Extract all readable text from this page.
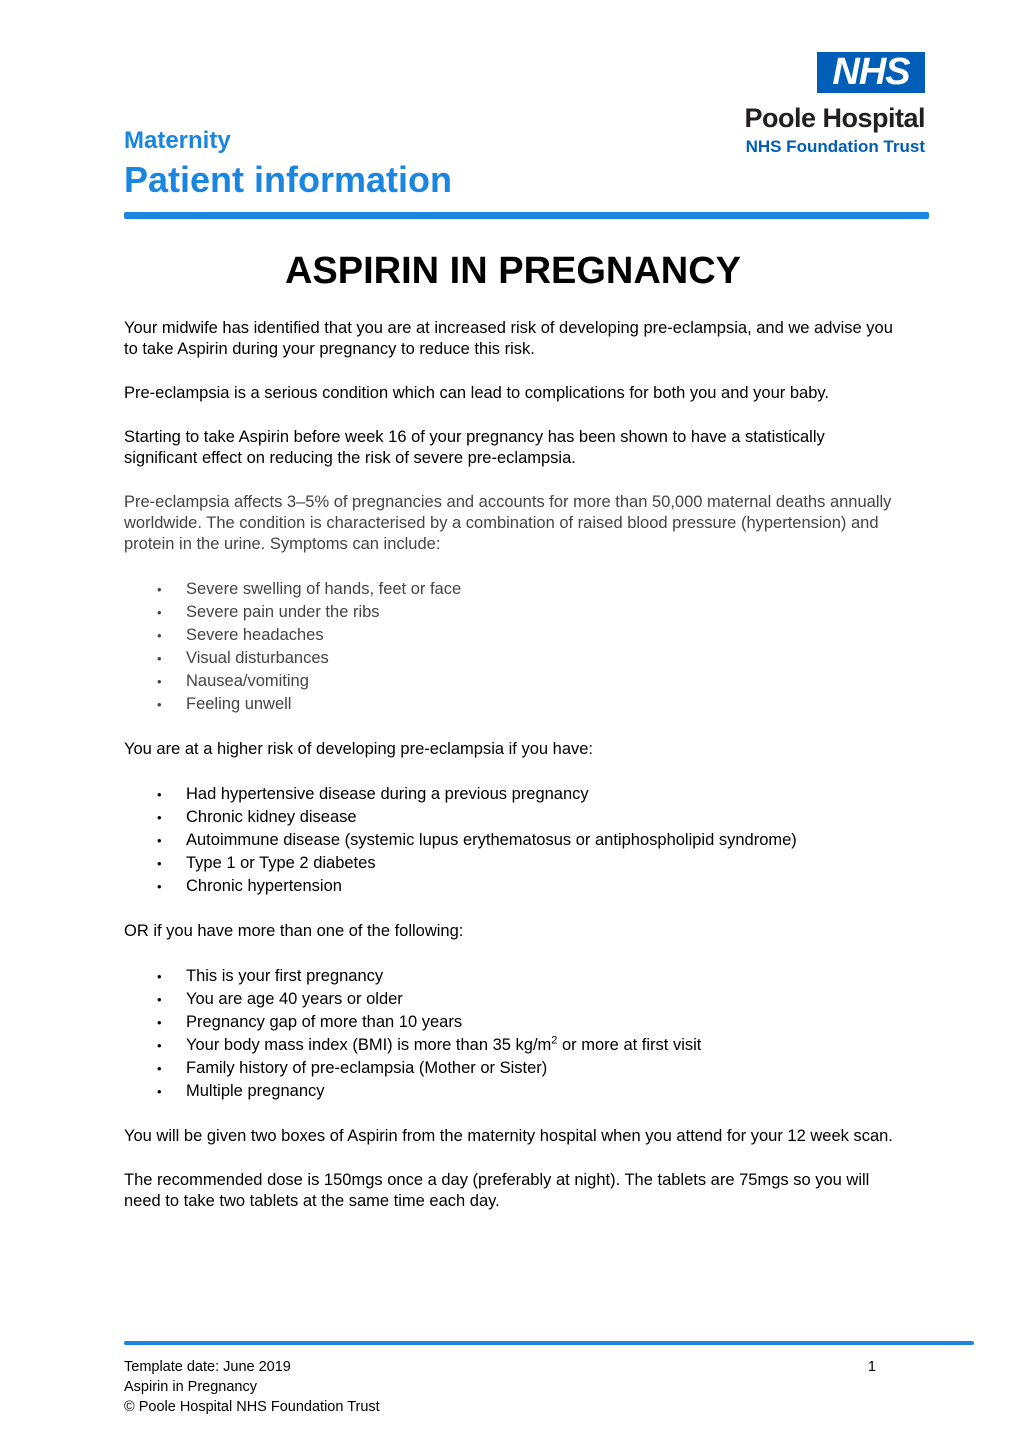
Maternity
Patient information
NHS
Poole Hospital
NHS Foundation Trust
ASPIRIN IN PREGNANCY

Your midwife has identified that you are at increased risk of developing pre-eclampsia, and we advise you to take Aspirin during your pregnancy to reduce this risk.

Pre-eclampsia is a serious condition which can lead to complications for both you and your baby.

Starting to take Aspirin before week 16 of your pregnancy has been shown to have a statistically significant effect on reducing the risk of severe pre-eclampsia.

Pre-eclampsia affects 3–5% of pregnancies and accounts for more than 50,000 maternal deaths annually worldwide. The condition is characterised by a combination of raised blood pressure (hypertension) and protein in the urine. Symptoms can include:

• Severe swelling of hands, feet or face
• Severe pain under the ribs
• Severe headaches
• Visual disturbances
• Nausea/vomiting
• Feeling unwell

You are at a higher risk of developing pre-eclampsia if you have:

• Had hypertensive disease during a previous pregnancy
• Chronic kidney disease
• Autoimmune disease (systemic lupus erythematosus or antiphospholipid syndrome)
• Type 1 or Type 2 diabetes
• Chronic hypertension

OR if you have more than one of the following:

• This is your first pregnancy
• You are age 40 years or older
• Pregnancy gap of more than 10 years
• Your body mass index (BMI) is more than 35 $kg/m^2$ or more at first visit
• Family history of pre-eclampsia (Mother or Sister)
• Multiple pregnancy

You will be given two boxes of Aspirin from the maternity hospital when you attend for your 12 week scan.

The recommended dose is 150mgs once a day (preferably at night). The tablets are 75mgs so you will need to take two tablets at the same time each day.

Template date: June 2019	1
Aspirin in Pregnancy
© Poole Hospital NHS Foundation Trust
